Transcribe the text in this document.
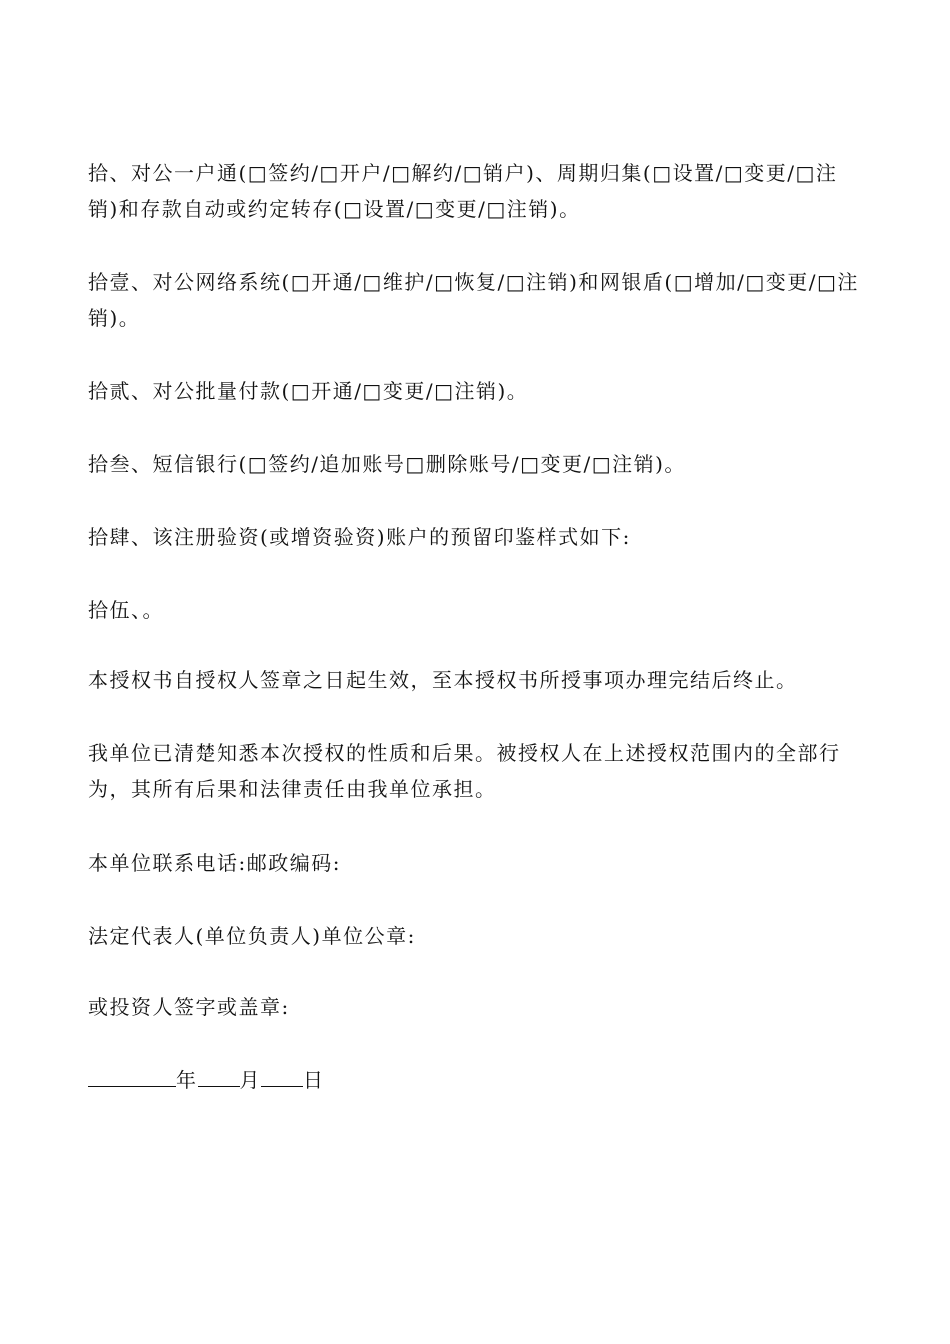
拾、对公一户通(□签约/□开户/□解约/□销户)、周期归集(□设置/□变更/□注销)和存款自动或约定转存(□设置/□变更/□注销)。
拾壹、对公网络系统(□开通/□维护/□恢复/□注销)和网银盾(□增加/□变更/□注销)。
拾贰、对公批量付款(□开通/□变更/□注销)。
拾叁、短信银行(□签约/追加账号□删除账号/□变更/□注销)。
拾肆、该注册验资(或增资验资)账户的预留印鉴样式如下:
拾伍、。
本授权书自授权人签章之日起生效，至本授权书所授事项办理完结后终止。
我单位已清楚知悉本次授权的性质和后果。被授权人在上述授权范围内的全部行为，其所有后果和法律责任由我单位承担。
本单位联系电话:邮政编码:
法定代表人(单位负责人)单位公章:
或投资人签字或盖章:
年 月 日
